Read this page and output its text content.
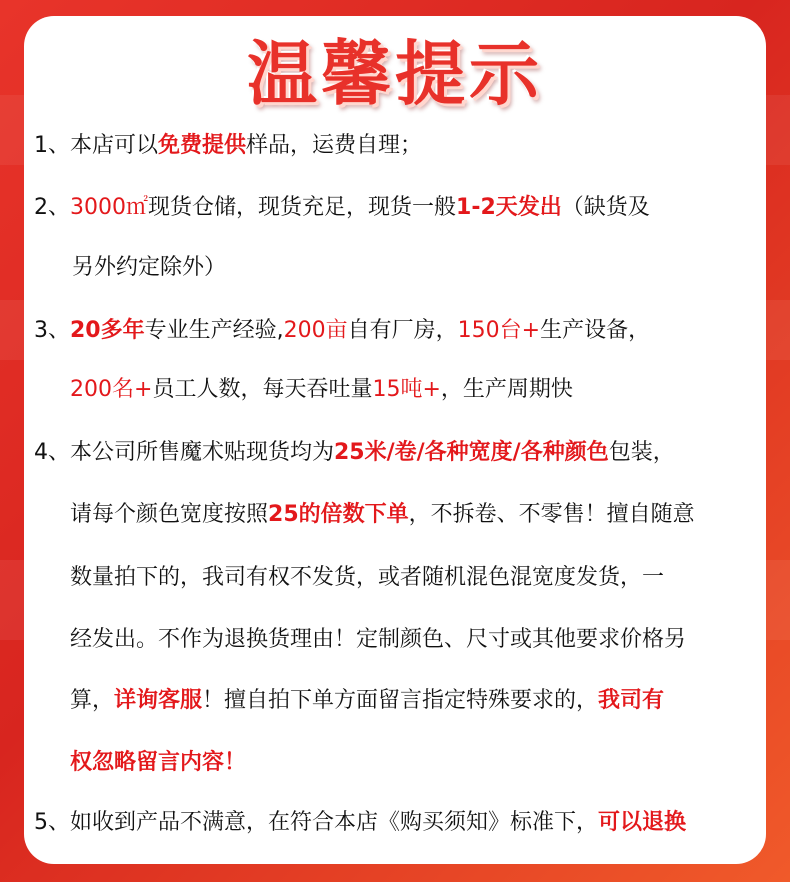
温馨提示
1、本店可以免费提供样品，运费自理；
2、3000㎡现货仓储，现货充足，现货一般1-2天发出（缺货及
另外约定除外）
3、20多年专业生产经验,200亩自有厂房，150台+生产设备，
200名+员工人数，每天吞吐量15吨+，生产周期快
4、本公司所售魔术贴现货均为25米/卷/各种宽度/各种颜色包装，
请每个颜色宽度按照25的倍数下单，不拆卷、不零售！擅自随意
数量拍下的，我司有权不发货，或者随机混色混宽度发货，一
经发出。不作为退换货理由！定制颜色、尺寸或其他要求价格另
算，详询客服！擅自拍下单方面留言指定特殊要求的，我司有
权忽略留言内容！
5、如收到产品不满意，在符合本店《购买须知》标准下，可以退换
